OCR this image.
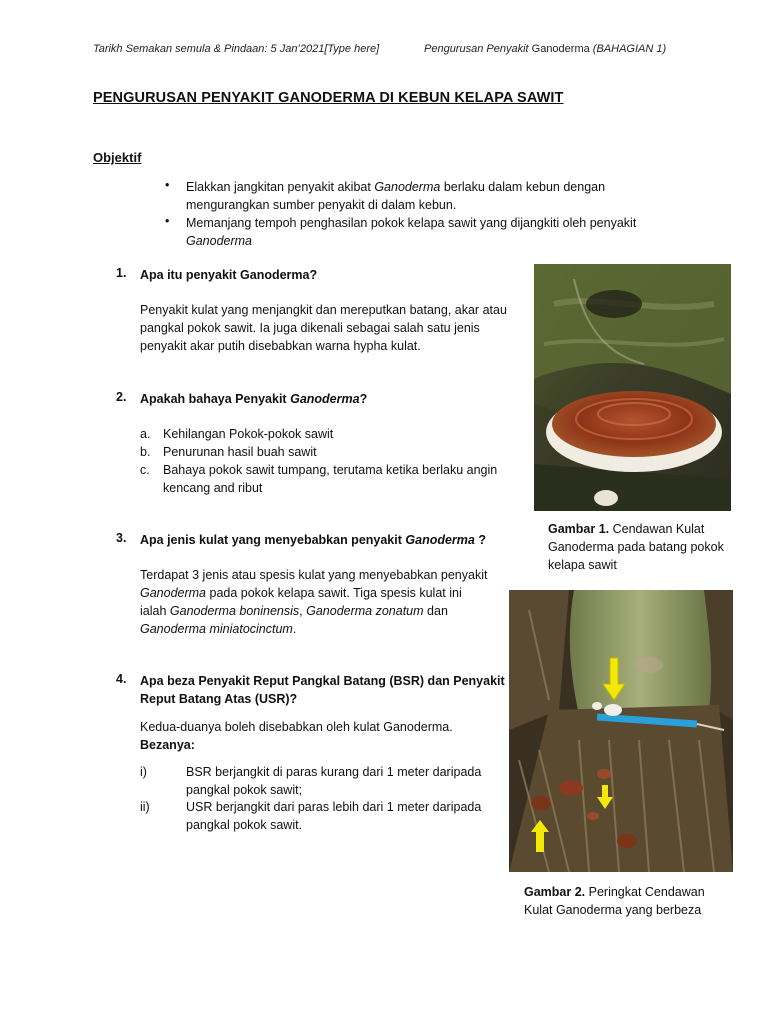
Tarikh Semakan semula & Pindaan: 5 Jan’2021[Type here]	Pengurusan Penyakit Ganoderma (BAHAGIAN 1)
PENGURUSAN PENYAKIT GANODERMA DI KEBUN KELAPA SAWIT
Objektif
• Elakkan jangkitan penyakit akibat Ganoderma berlaku dalam kebun dengan
mengurangkan sumber penyakit di dalam kebun.
• Memanjang tempoh penghasilan pokok kelapa sawit yang dijangkiti oleh penyakit
Ganoderma
1. Apa itu penyakit Ganoderma?
Penyakit kulat yang menjangkit dan mereputkan batang, akar atau
pangkal pokok sawit. Ia juga dikenali sebagai salah satu jenis
penyakit akar putih disebabkan warna hypha kulat.
2. Apakah bahaya Penyakit Ganoderma?
a. Kehilangan Pokok-pokok sawit
b. Penurunan hasil buah sawit
c. Bahaya pokok sawit tumpang, terutama ketika berlaku angin
kencang and ribut
3. Apa jenis kulat yang menyebabkan penyakit Ganoderma ?
Terdapat 3 jenis atau spesis kulat yang menyebabkan penyakit
Ganoderma pada pokok kelapa sawit. Tiga spesis kulat ini
ialah Ganoderma boninensis, Ganoderma zonatum dan
Ganoderma miniatocinctum.
4. Apa beza Penyakit Reput Pangkal Batang (BSR) dan Penyakit
Reput Batang Atas (USR)?
Kedua-duanya boleh disebabkan oleh kulat Ganoderma.
Bezanya:
i)	BSR berjangkit di paras kurang dari 1 meter daripada
pangkal pokok sawit;
ii)	USR berjangkit dari paras lebih dari 1 meter daripada
pangkal pokok sawit.
Gambar 1. Cendawan Kulat
Ganoderma pada batang pokok
kelapa sawit
Gambar 2. Peringkat Cendawan
Kulat Ganoderma yang berbeza
